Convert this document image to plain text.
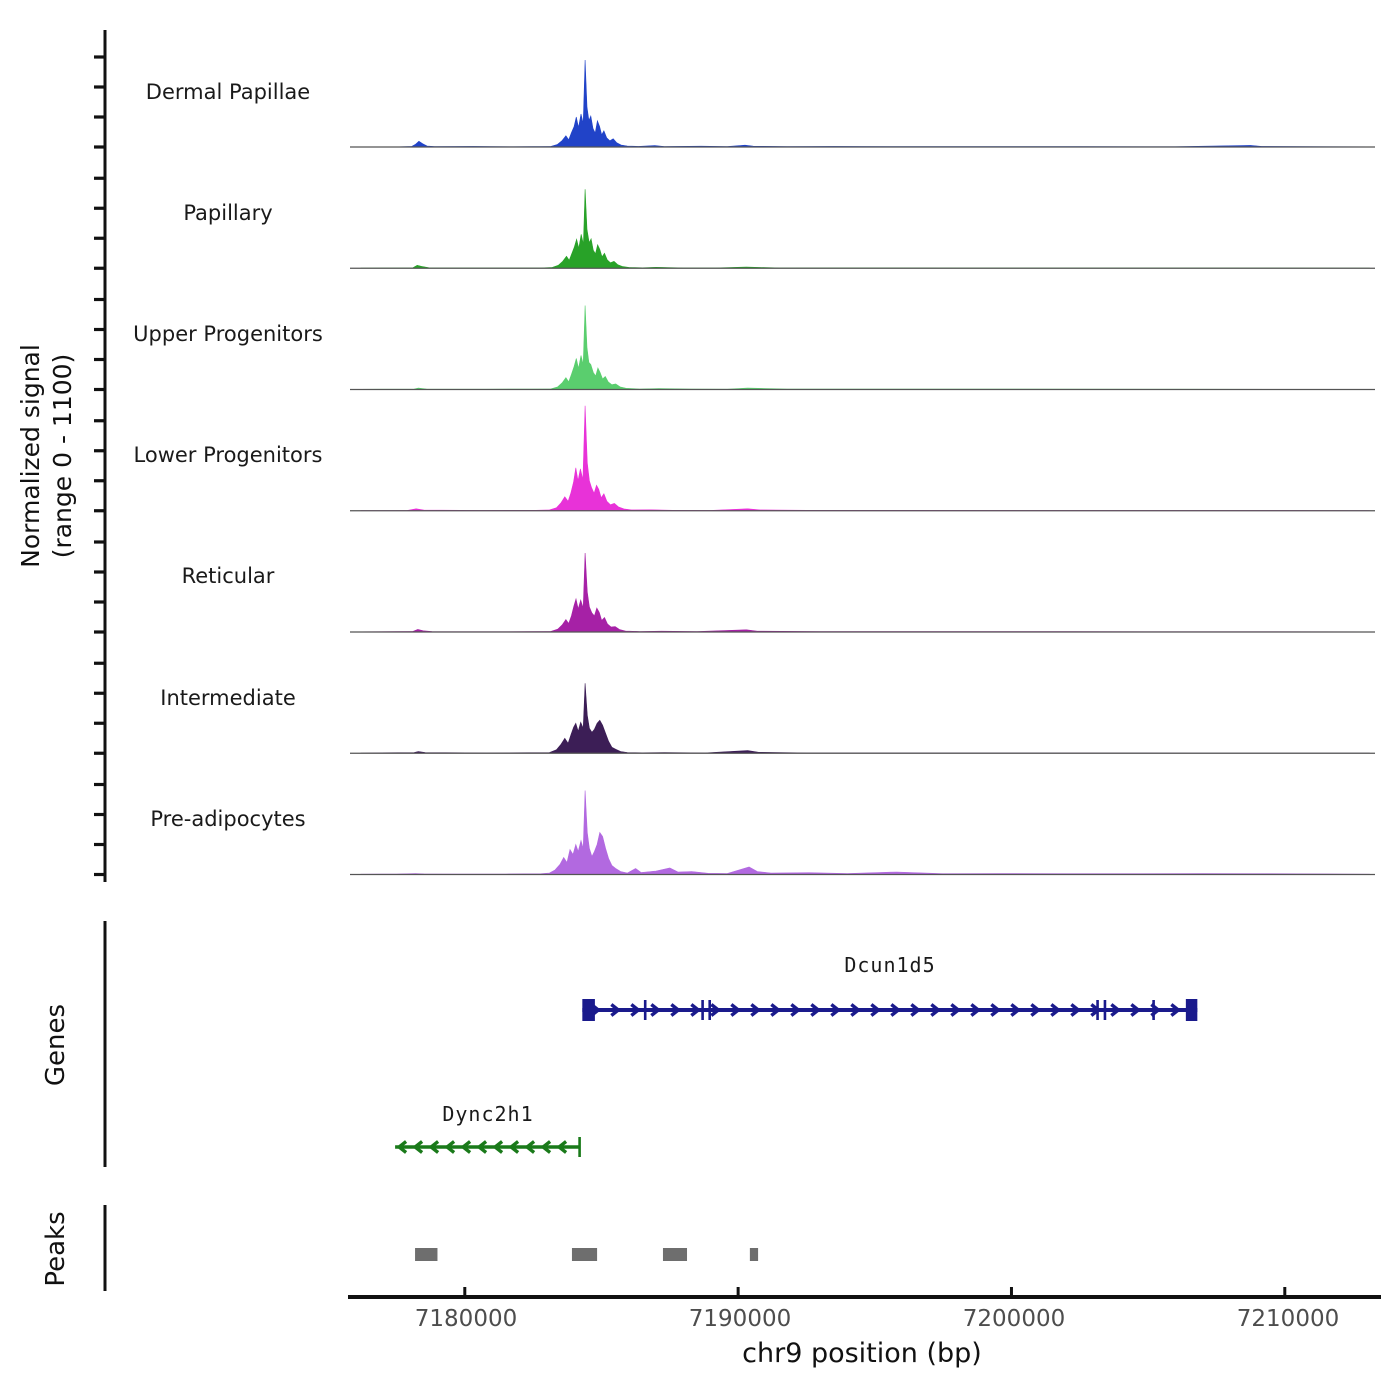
Normalized signal (range 0 - 1100)
Dermal Papillae
Papillary
Upper Progenitors
Lower Progenitors
Reticular
Intermediate
Pre-adipocytes
Genes
Peaks
Dcun1d5
Dync2h1
7180000	7190000	7200000	7210000
chr9 position (bp)
